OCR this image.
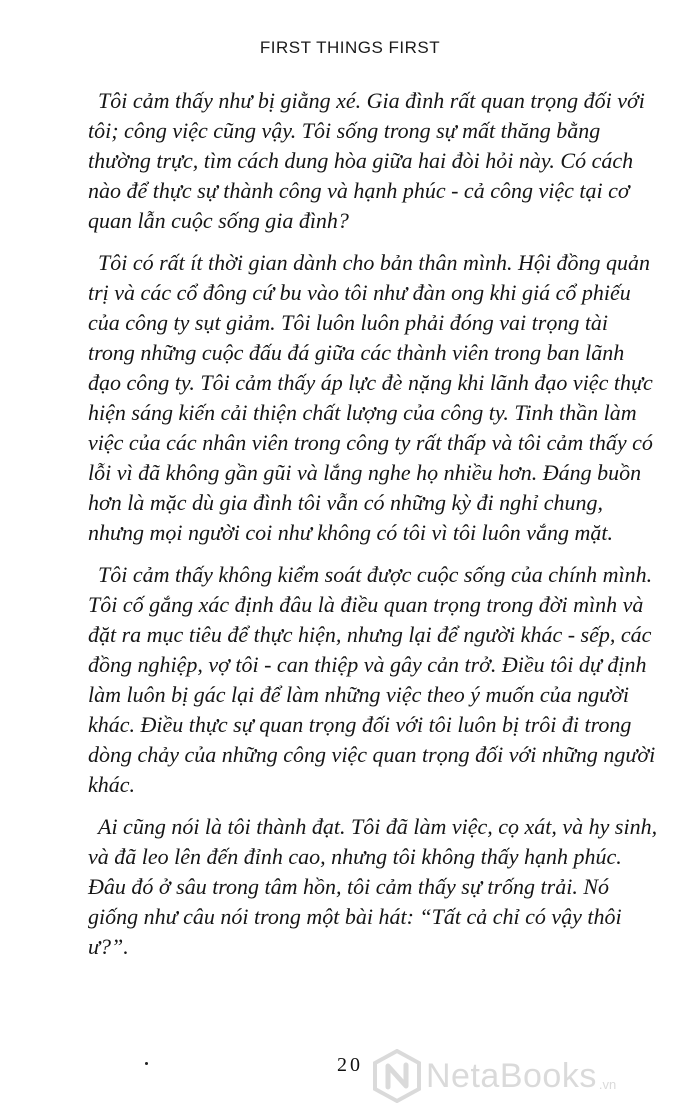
FIRST THINGS FIRST

Tôi cảm thấy như bị giằng xé. Gia đình rất quan trọng đối với tôi; công việc cũng vậy. Tôi sống trong sự mất thăng bằng thường trực, tìm cách dung hòa giữa hai đòi hỏi này. Có cách nào để thực sự thành công và hạnh phúc - cả công việc tại cơ quan lẫn cuộc sống gia đình?

Tôi có rất ít thời gian dành cho bản thân mình. Hội đồng quản trị và các cổ đông cứ bu vào tôi như đàn ong khi giá cổ phiếu của công ty sụt giảm. Tôi luôn luôn phải đóng vai trọng tài trong những cuộc đấu đá giữa các thành viên trong ban lãnh đạo công ty. Tôi cảm thấy áp lực đè nặng khi lãnh đạo việc thực hiện sáng kiến cải thiện chất lượng của công ty. Tinh thần làm việc của các nhân viên trong công ty rất thấp và tôi cảm thấy có lỗi vì đã không gần gũi và lắng nghe họ nhiều hơn. Đáng buồn hơn là mặc dù gia đình tôi vẫn có những kỳ đi nghỉ chung, nhưng mọi người coi như không có tôi vì tôi luôn vắng mặt.

Tôi cảm thấy không kiểm soát được cuộc sống của chính mình. Tôi cố gắng xác định đâu là điều quan trọng trong đời mình và đặt ra mục tiêu để thực hiện, nhưng lại để người khác - sếp, các đồng nghiệp, vợ tôi - can thiệp và gây cản trở. Điều tôi dự định làm luôn bị gác lại để làm những việc theo ý muốn của người khác. Điều thực sự quan trọng đối với tôi luôn bị trôi đi trong dòng chảy của những công việc quan trọng đối với những người khác.

Ai cũng nói là tôi thành đạt. Tôi đã làm việc, cọ xát, và hy sinh, và đã leo lên đến đỉnh cao, nhưng tôi không thấy hạnh phúc. Đâu đó ở sâu trong tâm hồn, tôi cảm thấy sự trống trải. Nó giống như câu nói trong một bài hát: “Tất cả chỉ có vậy thôi ư?”.

20	NetaBooks .vn
